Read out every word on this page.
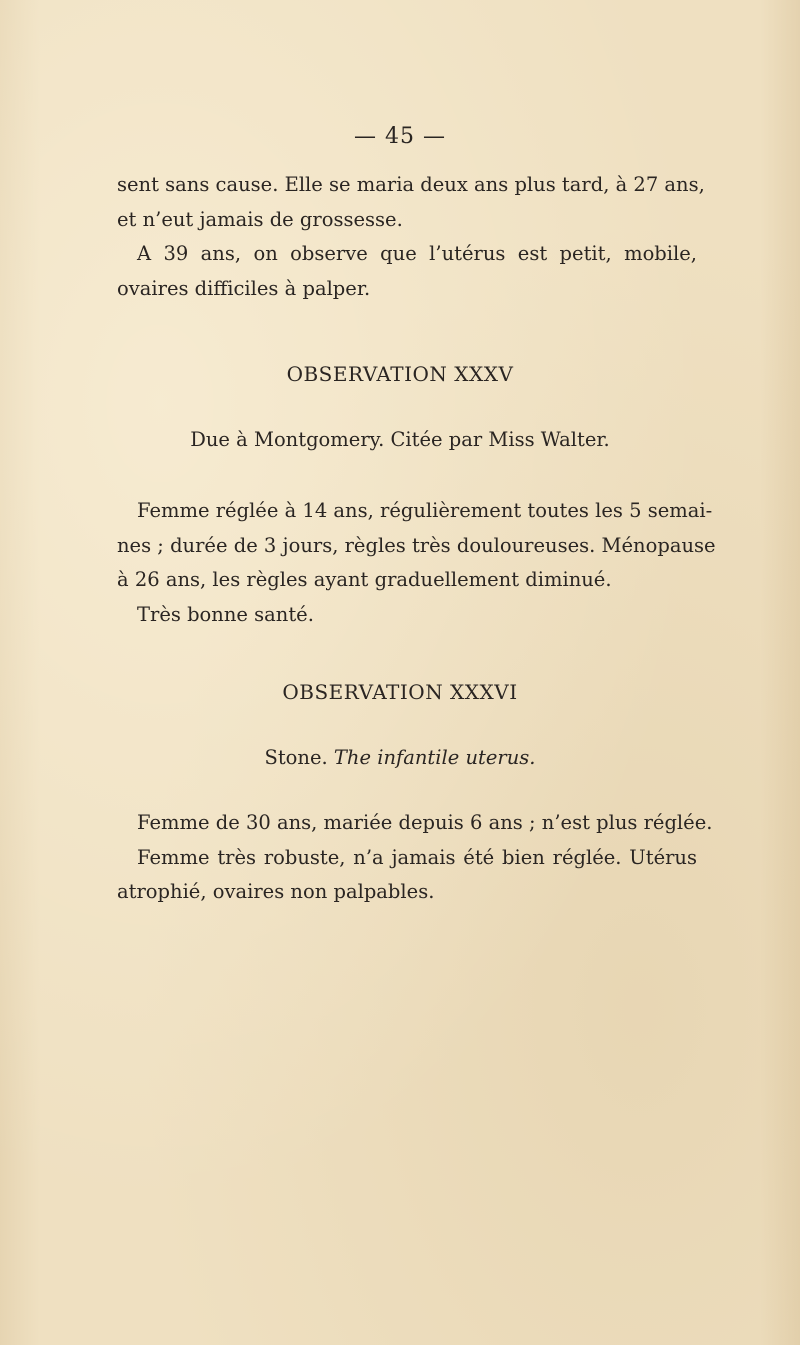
— 45 —
sent sans cause. Elle se maria deux ans plus tard, à 27 ans,
et n’eut jamais de grossesse.
A 39 ans, on observe que l’utérus est petit, mobile,
ovaires difficiles à palper.
OBSERVATION XXXV
Due à Montgomery. Citée par Miss Walter.
Femme réglée à 14 ans, régulièrement toutes les 5 semai-
nes ; durée de 3 jours, règles très douloureuses. Ménopause
à 26 ans, les règles ayant graduellement diminué.
Très bonne santé.
OBSERVATION XXXVI
Stone. The infantile uterus.
Femme de 30 ans, mariée depuis 6 ans ; n’est plus réglée.
Femme très robuste, n’a jamais été bien réglée. Utérus
atrophié, ovaires non palpables.
